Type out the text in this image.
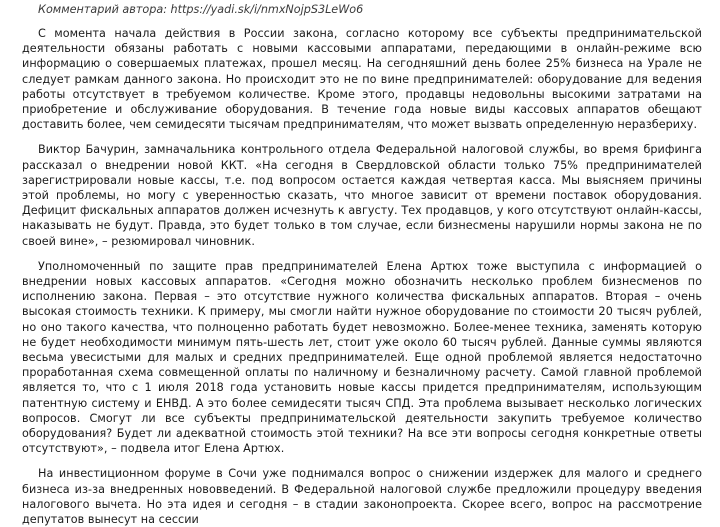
Комментарий автора: https://yadi.sk/i/nmxNojpS3LeWo6

С момента начала действия в России закона, согласно которому все субъекты предпринимательской деятельности обязаны работать с новыми кассовыми аппаратами, передающими в онлайн-режиме всю информацию о совершаемых платежах, прошел месяц. На сегодняшний день более 25% бизнеса на Урале не следует рамкам данного закона. Но происходит это не по вине предпринимателей: оборудование для ведения работы отсутствует в требуемом количестве. Кроме этого, продавцы недовольны высокими затратами на приобретение и обслуживание оборудования. В течение года новые виды кассовых аппаратов обещают доставить более, чем семидесяти тысячам предпринимателям, что может вызвать определенную неразбериху.

Виктор Бачурин, замначальника контрольного отдела Федеральной налоговой службы, во время брифинга рассказал о внедрении новой ККТ. «На сегодня в Свердловской области только 75% предпринимателей зарегистрировали новые кассы, т.е. под вопросом остается каждая четвертая касса. Мы выясняем причины этой проблемы, но могу с уверенностью сказать, что многое зависит от времени поставок оборудования. Дефицит фискальных аппаратов должен исчезнуть к августу. Тех продавцов, у кого отсутствуют онлайн-кассы, наказывать не будут. Правда, это будет только в том случае, если бизнесмены нарушили нормы закона не по своей вине», – резюмировал чиновник.

Уполномоченный по защите прав предпринимателей Елена Артюх тоже выступила с информацией о внедрении новых кассовых аппаратов. «Сегодня можно обозначить несколько проблем бизнесменов по исполнению закона. Первая – это отсутствие нужного количества фискальных аппаратов. Вторая – очень высокая стоимость техники. К примеру, мы смогли найти нужное оборудование по стоимости 20 тысяч рублей, но оно такого качества, что полноценно работать будет невозможно. Более-менее техника, заменять которую не будет необходимости минимум пять-шесть лет, стоит уже около 60 тысяч рублей. Данные суммы являются весьма увесистыми для малых и средних предпринимателей. Еще одной проблемой является недостаточно проработанная схема совмещенной оплаты по наличному и безналичному расчету. Самой главной проблемой является то, что с 1 июля 2018 года установить новые кассы придется предпринимателям, использующим патентную систему и ЕНВД. А это более семидесяти тысяч СПД. Эта проблема вызывает несколько логических вопросов. Смогут ли все субъекты предпринимательской деятельности закупить требуемое количество оборудования? Будет ли адекватной стоимость этой техники? На все эти вопросы сегодня конкретные ответы отсутствуют», – подвела итог Елена Артюх.

На инвестиционном форуме в Сочи уже поднимался вопрос о снижении издержек для малого и среднего бизнеса из-за внедренных нововведений. В Федеральной налоговой службе предложили процедуру введения налогового вычета. Но эта идея и сегодня – в стадии законопроекта. Скорее всего, вопрос на рассмотрение депутатов вынесут на сессии
